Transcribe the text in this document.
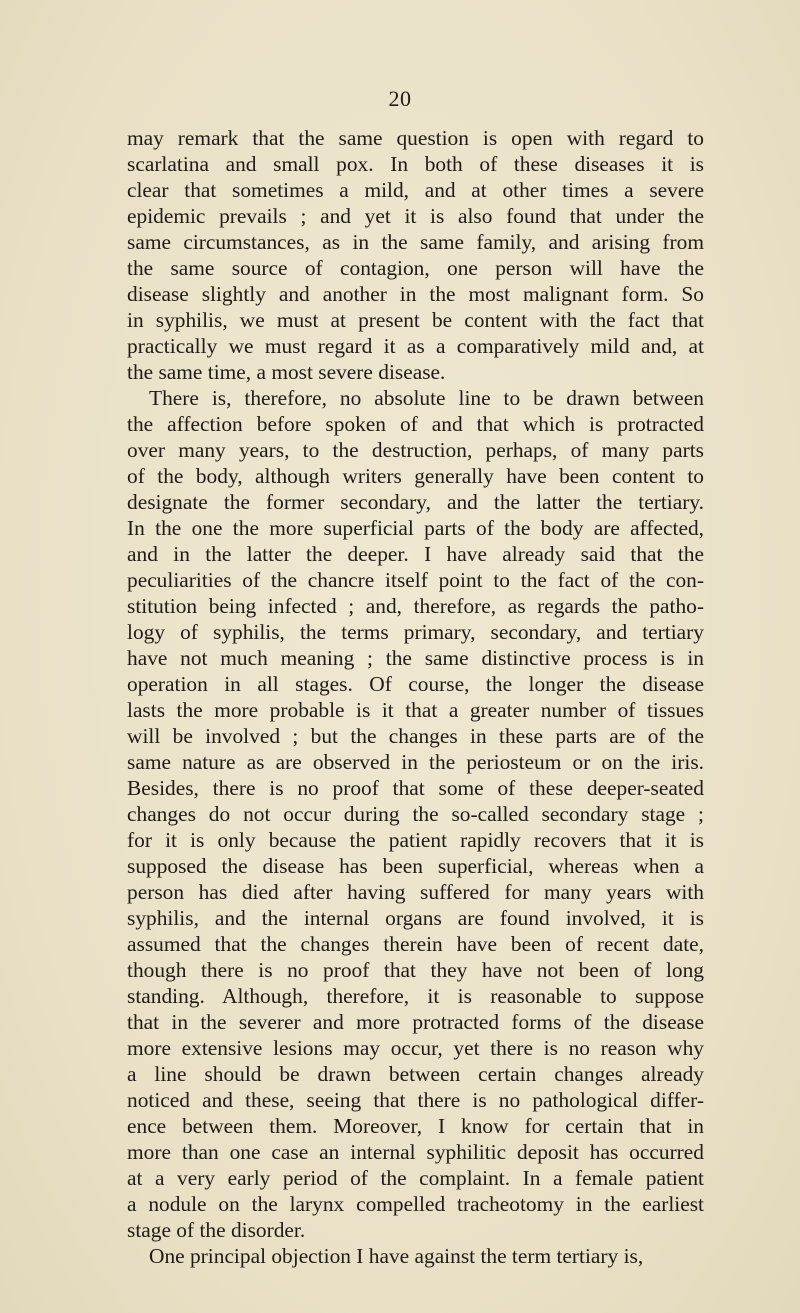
20
may remark that the same question is open with regard to
scarlatina and small pox. In both of these diseases it is
clear that sometimes a mild, and at other times a severe
epidemic prevails ; and yet it is also found that under the
same circumstances, as in the same family, and arising from
the same source of contagion, one person will have the
disease slightly and another in the most malignant form. So
in syphilis, we must at present be content with the fact that
practically we must regard it as a comparatively mild and, at
the same time, a most severe disease.
There is, therefore, no absolute line to be drawn between
the affection before spoken of and that which is protracted
over many years, to the destruction, perhaps, of many parts
of the body, although writers generally have been content to
designate the former secondary, and the latter the tertiary.
In the one the more superficial parts of the body are affected,
and in the latter the deeper. I have already said that the
peculiarities of the chancre itself point to the fact of the con-
stitution being infected ; and, therefore, as regards the patho-
logy of syphilis, the terms primary, secondary, and tertiary
have not much meaning ; the same distinctive process is in
operation in all stages. Of course, the longer the disease
lasts the more probable is it that a greater number of tissues
will be involved ; but the changes in these parts are of the
same nature as are observed in the periosteum or on the iris.
Besides, there is no proof that some of these deeper-seated
changes do not occur during the so-called secondary stage ;
for it is only because the patient rapidly recovers that it is
supposed the disease has been superficial, whereas when a
person has died after having suffered for many years with
syphilis, and the internal organs are found involved, it is
assumed that the changes therein have been of recent date,
though there is no proof that they have not been of long
standing. Although, therefore, it is reasonable to suppose
that in the severer and more protracted forms of the disease
more extensive lesions may occur, yet there is no reason why
a line should be drawn between certain changes already
noticed and these, seeing that there is no pathological differ-
ence between them. Moreover, I know for certain that in
more than one case an internal syphilitic deposit has occurred
at a very early period of the complaint. In a female patient
a nodule on the larynx compelled tracheotomy in the earliest
stage of the disorder.
One principal objection I have against the term tertiary is,
